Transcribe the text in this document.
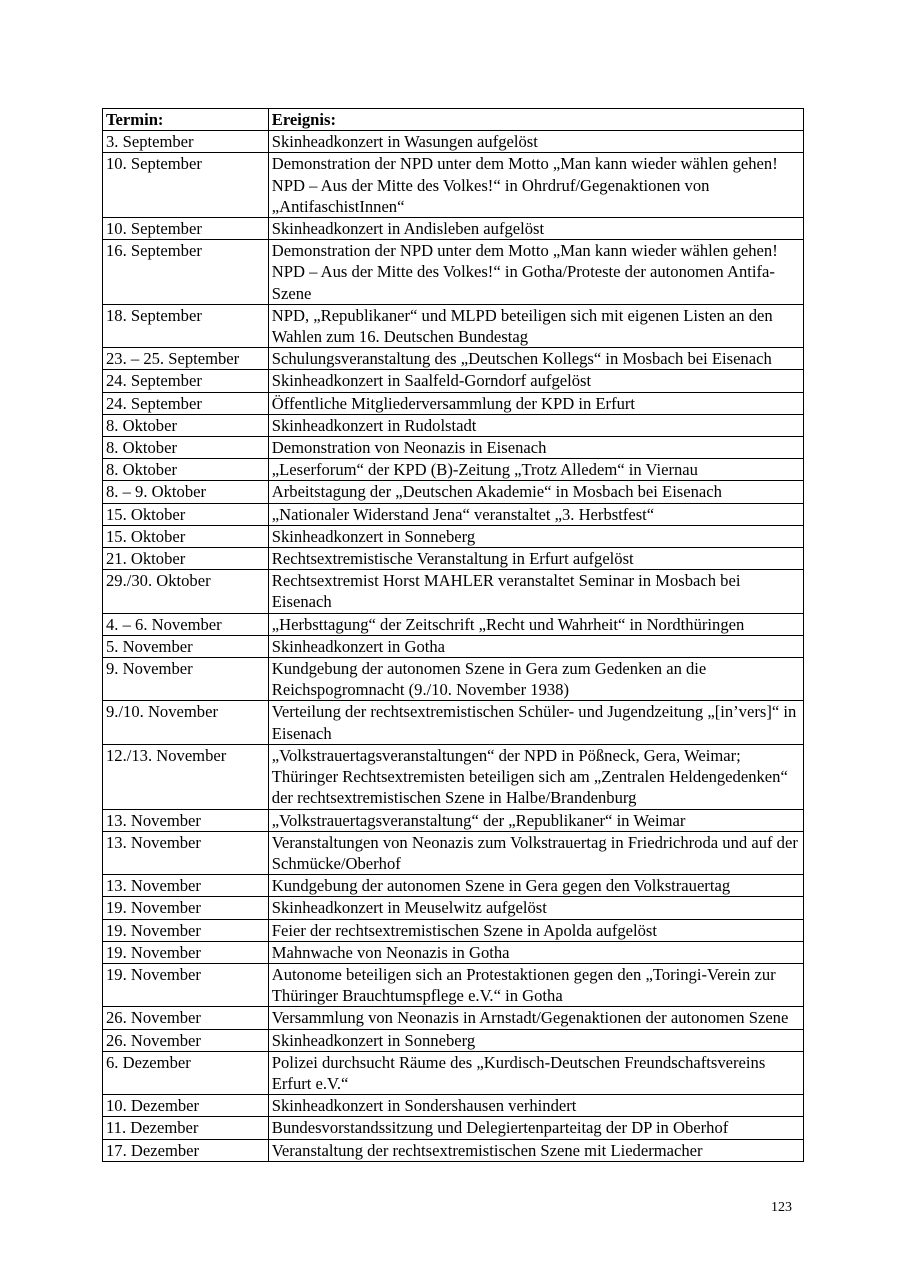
Termin:	Ereignis:
3. September	Skinheadkonzert in Wasungen aufgelöst
10. September	Demonstration der NPD unter dem Motto „Man kann wieder wählen gehen! NPD – Aus der Mitte des Volkes!“ in Ohrdruf/Gegenaktionen von „AntifaschistInnen“
10. September	Skinheadkonzert in Andisleben aufgelöst
16. September	Demonstration der NPD unter dem Motto „Man kann wieder wählen gehen! NPD – Aus der Mitte des Volkes!“ in Gotha/Proteste der autonomen Antifa-Szene
18. September	NPD, „Republikaner“ und MLPD beteiligen sich mit eigenen Listen an den Wahlen zum 16. Deutschen Bundestag
23. – 25. September	Schulungsveranstaltung des „Deutschen Kollegs“ in Mosbach bei Eisenach
24. September	Skinheadkonzert in Saalfeld-Gorndorf aufgelöst
24. September	Öffentliche Mitgliederversammlung der KPD in Erfurt
8. Oktober	Skinheadkonzert in Rudolstadt
8. Oktober	Demonstration von Neonazis in Eisenach
8. Oktober	„Leserforum“ der KPD (B)-Zeitung „Trotz Alledem“ in Viernau
8. – 9. Oktober	Arbeitstagung der „Deutschen Akademie“ in Mosbach bei Eisenach
15. Oktober	„Nationaler Widerstand Jena“ veranstaltet „3. Herbstfest“
15. Oktober	Skinheadkonzert in Sonneberg
21. Oktober	Rechtsextremistische Veranstaltung in Erfurt aufgelöst
29./30. Oktober	Rechtsextremist Horst MAHLER veranstaltet Seminar in Mosbach bei Eisenach
4. – 6. November	„Herbsttagung“ der Zeitschrift „Recht und Wahrheit“ in Nordthüringen
5. November	Skinheadkonzert in Gotha
9. November	Kundgebung der autonomen Szene in Gera zum Gedenken an die Reichspogromnacht (9./10. November 1938)
9./10. November	Verteilung der rechtsextremistischen Schüler- und Jugendzeitung „[in’vers]“ in Eisenach
12./13. November	„Volkstrauertagsveranstaltungen“ der NPD in Pößneck, Gera, Weimar; Thüringer Rechtsextremisten beteiligen sich am „Zentralen Heldengedenken“ der rechtsextremistischen Szene in Halbe/Brandenburg
13. November	„Volkstrauertagsveranstaltung“ der „Republikaner“ in Weimar
13. November	Veranstaltungen von Neonazis zum Volkstrauertag in Friedrichroda und auf der Schmücke/Oberhof
13. November	Kundgebung der autonomen Szene in Gera gegen den Volkstrauertag
19. November	Skinheadkonzert in Meuselwitz aufgelöst
19. November	Feier der rechtsextremistischen Szene in Apolda aufgelöst
19. November	Mahnwache von Neonazis in Gotha
19. November	Autonome beteiligen sich an Protestaktionen gegen den „Toringi-Verein zur Thüringer Brauchtumspflege e.V.“ in Gotha
26. November	Versammlung von Neonazis in Arnstadt/Gegenaktionen der autonomen Szene
26. November	Skinheadkonzert in Sonneberg
6. Dezember	Polizei durchsucht Räume des „Kurdisch-Deutschen Freundschaftsvereins Erfurt e.V.“
10. Dezember	Skinheadkonzert in Sondershausen verhindert
11. Dezember	Bundesvorstandssitzung und Delegiertenparteitag der DP in Oberhof
17. Dezember	Veranstaltung der rechtsextremistischen Szene mit Liedermacher
123
